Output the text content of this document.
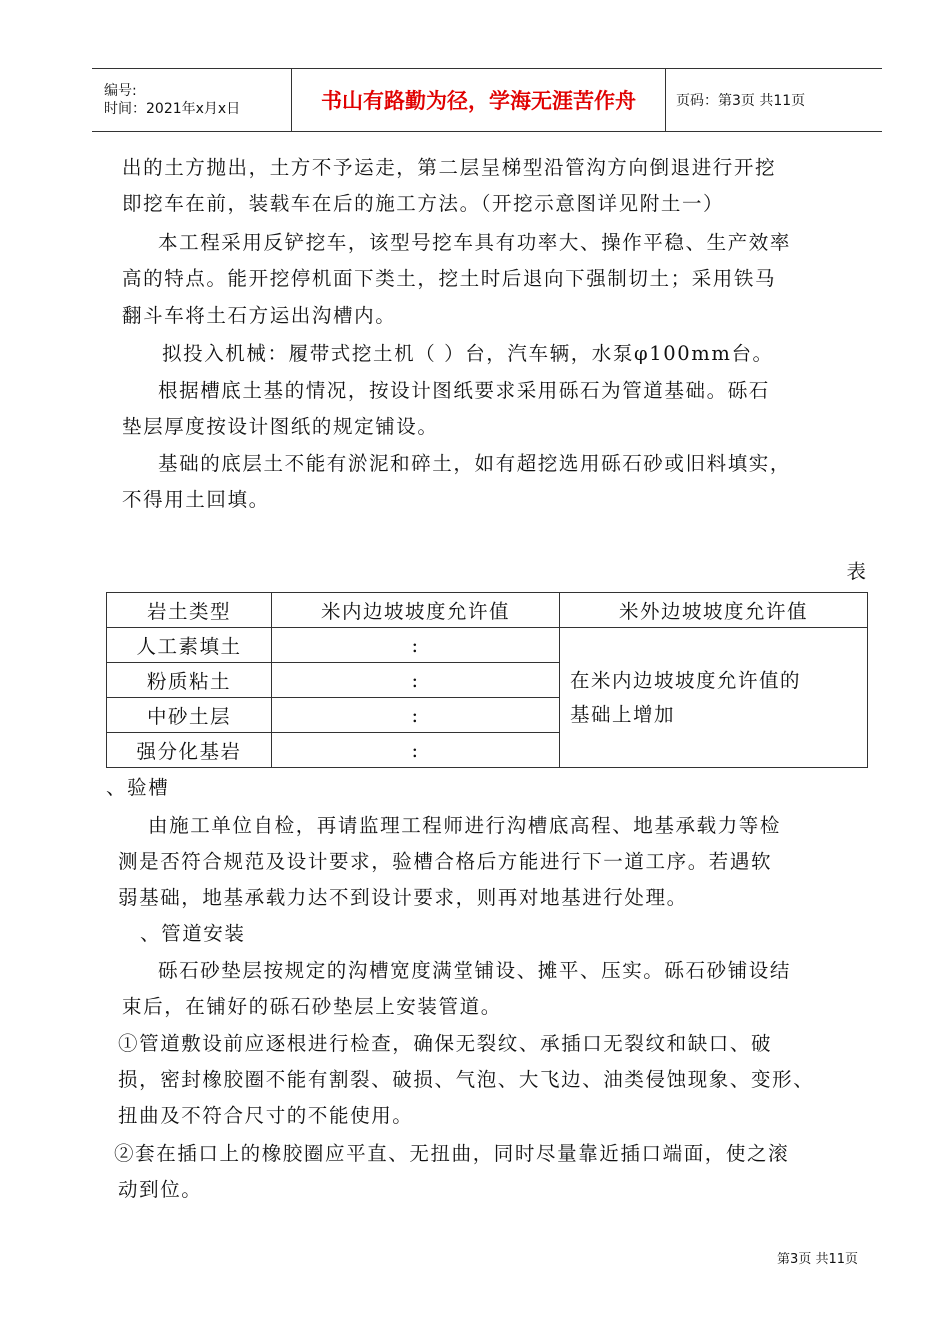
编号:
时间：2021年x月x日	书山有路勤为径，学海无涯苦作舟	页码：第3页 共11页
出的土方抛出，土方不予运走，第二层呈梯型沿管沟方向倒退进行开挖
即挖车在前，装载车在后的施工方法。（开挖示意图详见附土一）
本工程采用反铲挖车，该型号挖车具有功率大、操作平稳、生产效率
高的特点。能开挖停机面下类土，挖土时后退向下强制切土；采用铁马
翻斗车将土石方运出沟槽内。
拟投入机械：履带式挖土机（ ）台，汽车辆，水泵φ100mm台。
根据槽底土基的情况，按设计图纸要求采用砾石为管道基础。砾石
垫层厚度按设计图纸的规定铺设。
基础的底层土不能有淤泥和碎土，如有超挖选用砾石砂或旧料填实，
不得用土回填。
表
岩土类型	米内边坡坡度允许值	米外边坡坡度允许值
人工素填土	:	在米内边坡坡度允许值的
基础上增加

粉质粘土	:	
中砂土层	:	
强分化基岩	:	
、验槽
由施工单位自检，再请监理工程师进行沟槽底高程、地基承载力等检
测是否符合规范及设计要求，验槽合格后方能进行下一道工序。若遇软
弱基础，地基承载力达不到设计要求，则再对地基进行处理。
、管道安装
砾石砂垫层按规定的沟槽宽度满堂铺设、摊平、压实。砾石砂铺设结
束后，在铺好的砾石砂垫层上安装管道。
①管道敷设前应逐根进行检查，确保无裂纹、承插口无裂纹和缺口、破
损，密封橡胶圈不能有割裂、破损、气泡、大飞边、油类侵蚀现象、变形、
扭曲及不符合尺寸的不能使用。
②套在插口上的橡胶圈应平直、无扭曲，同时尽量靠近插口端面，使之滚
动到位。
第3页 共11页
